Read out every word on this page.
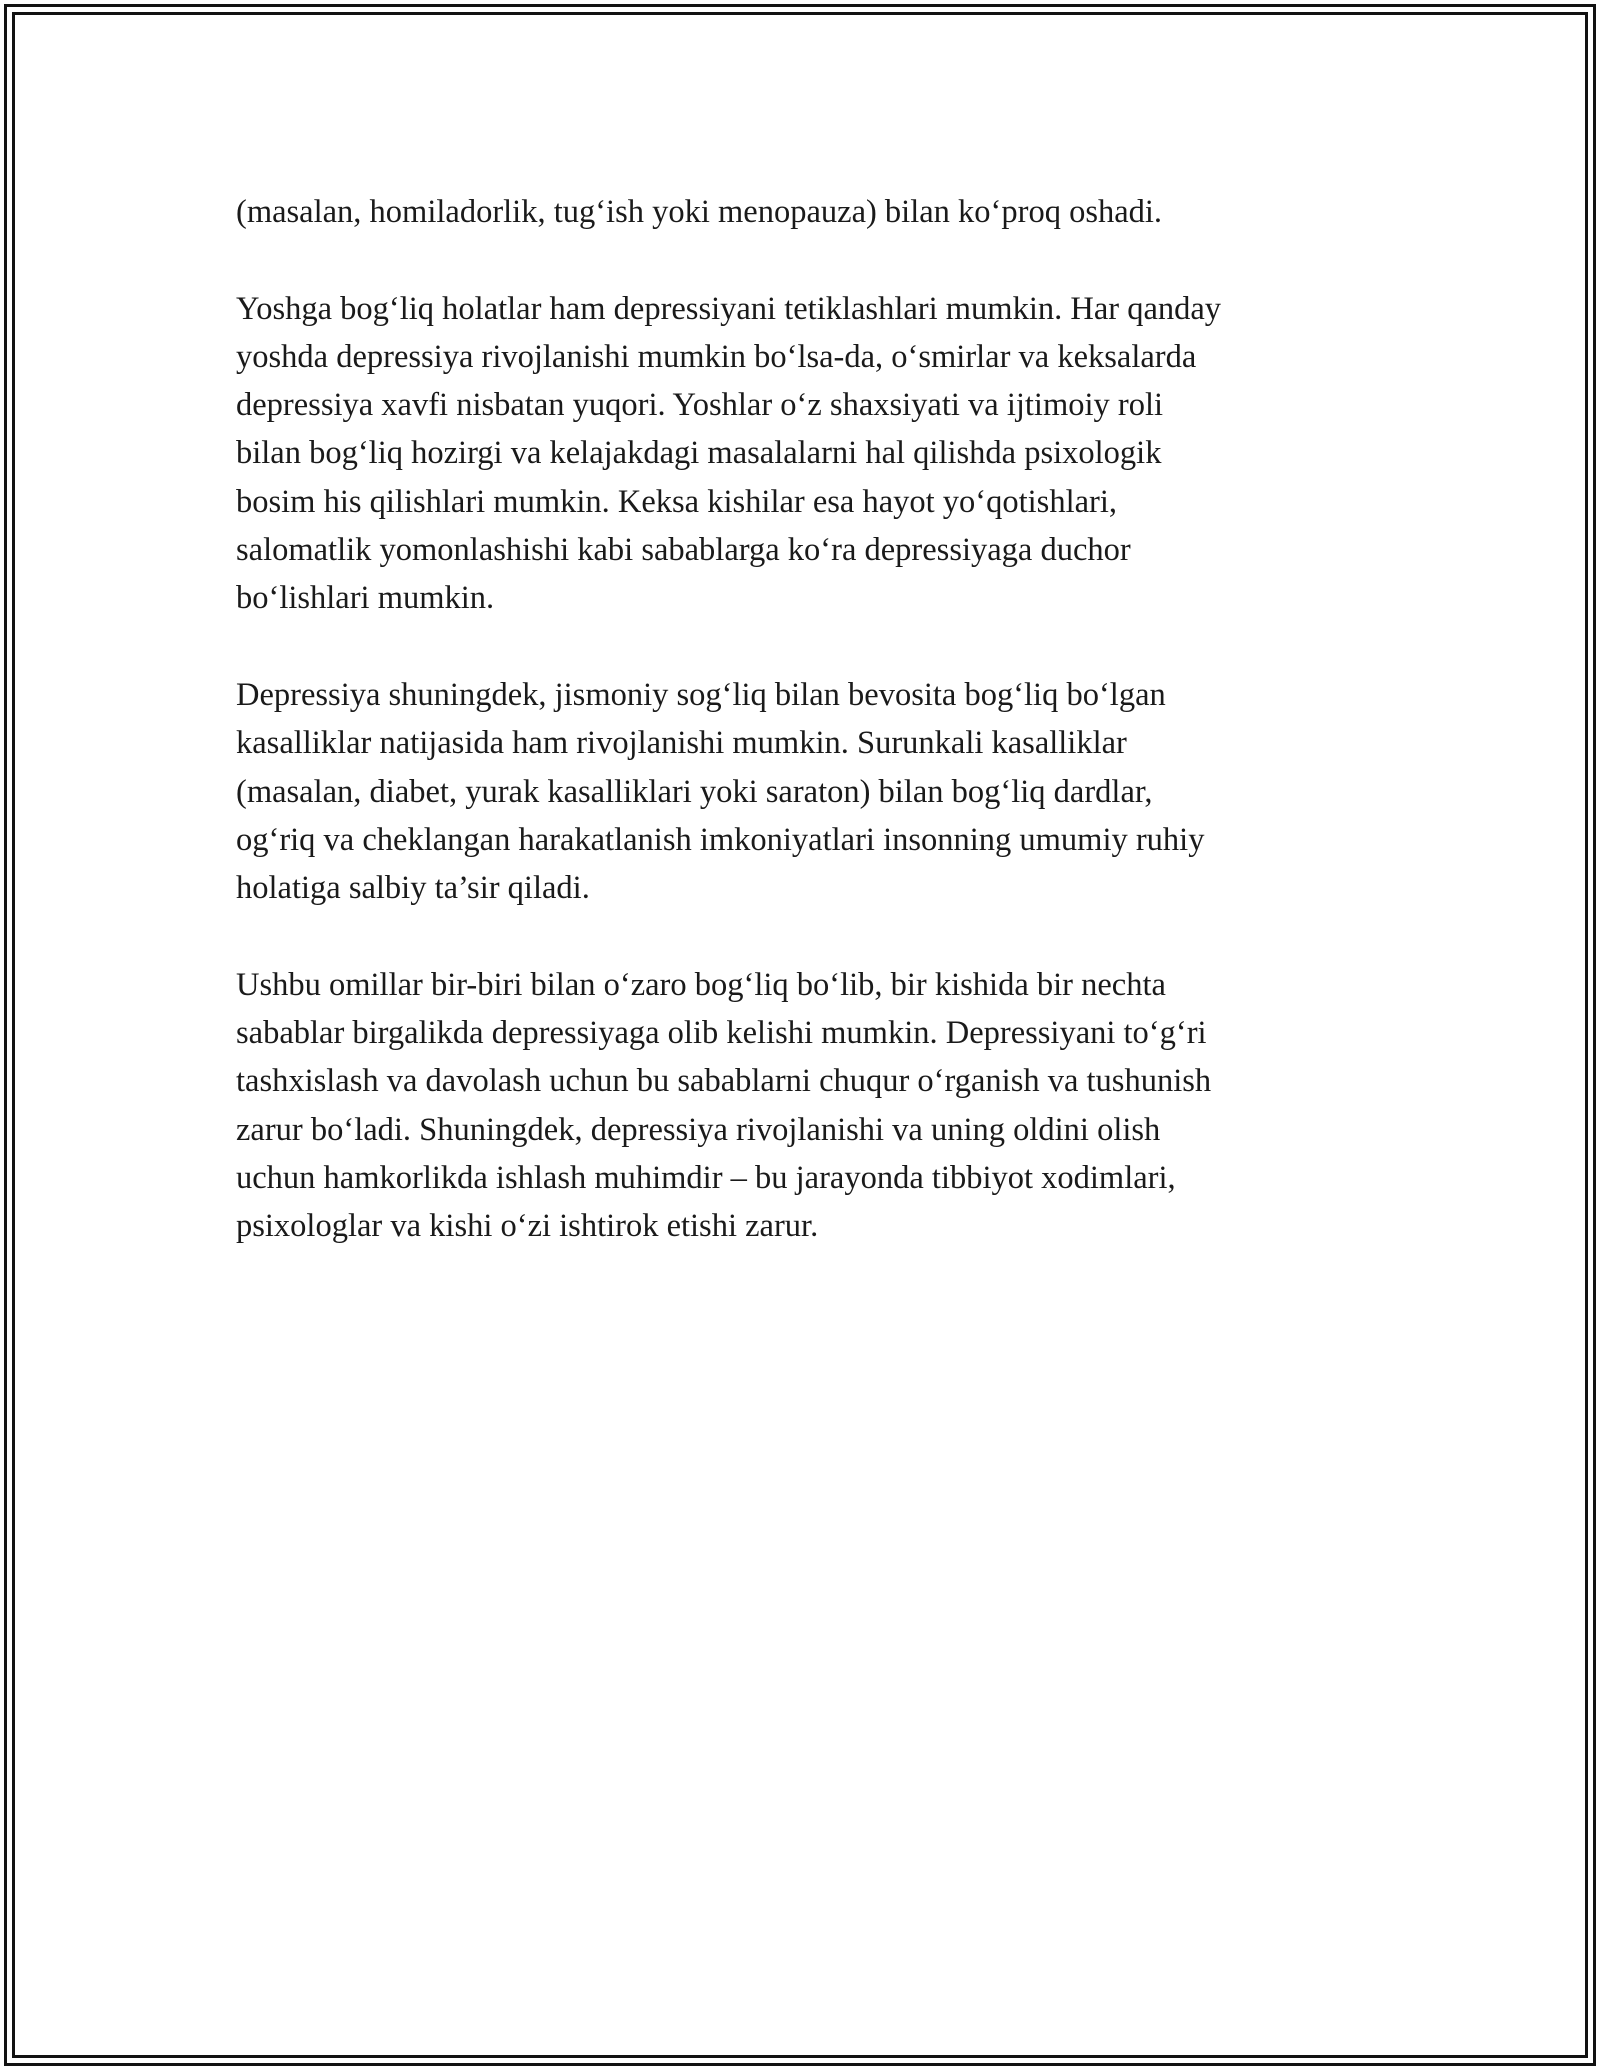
(masalan, homiladorlik, tug‘ish yoki menopauza) bilan ko‘proq oshadi.

Yoshga bog‘liq holatlar ham depressiyani tetiklashlari mumkin. Har qanday
yoshda depressiya rivojlanishi mumkin bo‘lsa-da, o‘smirlar va keksalarda
depressiya xavfi nisbatan yuqori. Yoshlar o‘z shaxsiyati va ijtimoiy roli
bilan bog‘liq hozirgi va kelajakdagi masalalarni hal qilishda psixologik
bosim his qilishlari mumkin. Keksa kishilar esa hayot yo‘qotishlari,
salomatlik yomonlashishi kabi sabablarga ko‘ra depressiyaga duchor
bo‘lishlari mumkin.

Depressiya shuningdek, jismoniy sog‘liq bilan bevosita bog‘liq bo‘lgan
kasalliklar natijasida ham rivojlanishi mumkin. Surunkali kasalliklar
(masalan, diabet, yurak kasalliklari yoki saraton) bilan bog‘liq dardlar,
og‘riq va cheklangan harakatlanish imkoniyatlari insonning umumiy ruhiy
holatiga salbiy ta’sir qiladi.

Ushbu omillar bir-biri bilan o‘zaro bog‘liq bo‘lib, bir kishida bir nechta
sabablar birgalikda depressiyaga olib kelishi mumkin. Depressiyani to‘g‘ri
tashxislash va davolash uchun bu sabablarni chuqur o‘rganish va tushunish
zarur bo‘ladi. Shuningdek, depressiya rivojlanishi va uning oldini olish
uchun hamkorlikda ishlash muhimdir – bu jarayonda tibbiyot xodimlari,
psixologlar va kishi o‘zi ishtirok etishi zarur.
